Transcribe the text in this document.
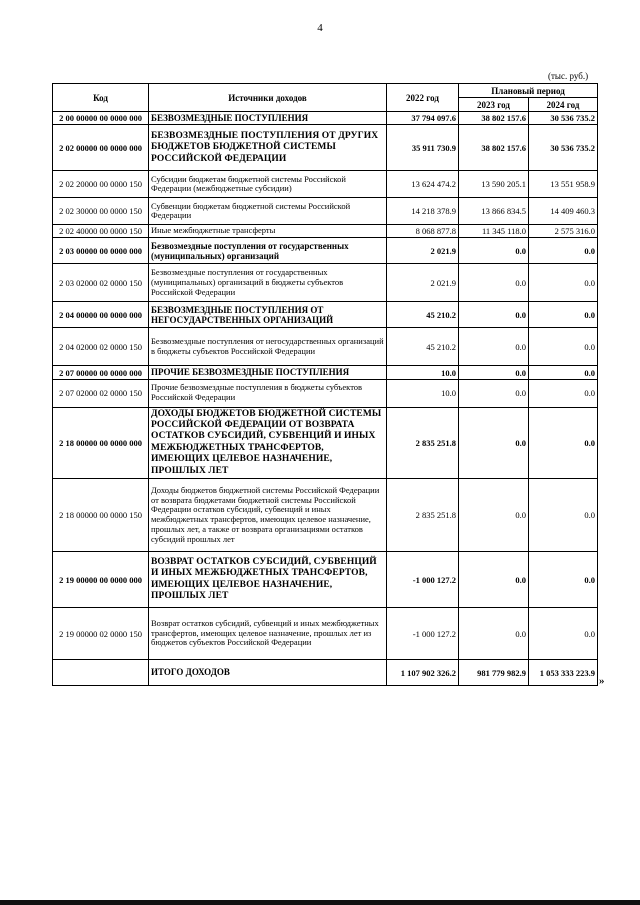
4
(тыс. руб.)
Код	Источники доходов	2022 год	Плановый период	
			2023 год	2024 год
2 00 00000 00 0000 000	БЕЗВОЗМЕЗДНЫЕ ПОСТУПЛЕНИЯ	37 794 097.6	38 802 157.6	30 536 735.2
2 02 00000 00 0000 000	БЕЗВОЗМЕЗДНЫЕ ПОСТУПЛЕНИЯ ОТ ДРУГИХ БЮДЖЕТОВ БЮДЖЕТНОЙ СИСТЕМЫ РОССИЙСКОЙ ФЕДЕРАЦИИ	35 911 730.9	38 802 157.6	30 536 735.2
2 02 20000 00 0000 150	Субсидии бюджетам бюджетной системы Российской Федерации (межбюджетные субсидии)	13 624 474.2	13 590 205.1	13 551 958.9
2 02 30000 00 0000 150	Субвенции бюджетам бюджетной системы Российской Федерации	14 218 378.9	13 866 834.5	14 409 460.3
2 02 40000 00 0000 150	Иные межбюджетные трансферты	8 068 877.8	11 345 118.0	2 575 316.0
2 03 00000 00 0000 000	Безвозмездные поступления от государственных (муниципальных) организаций	2 021.9	0.0	0.0
2 03 02000 02 0000 150	Безвозмездные поступления от государственных (муниципальных) организаций в бюджеты субъектов Российской Федерации	2 021.9	0.0	0.0
2 04 00000 00 0000 000	БЕЗВОЗМЕЗДНЫЕ ПОСТУПЛЕНИЯ ОТ НЕГОСУДАРСТВЕННЫХ ОРГАНИЗАЦИЙ	45 210.2	0.0	0.0
2 04 02000 02 0000 150	Безвозмездные поступления от негосударственных организаций в бюджеты субъектов Российской Федерации	45 210.2	0.0	0.0
2 07 00000 00 0000 000	ПРОЧИЕ БЕЗВОЗМЕЗДНЫЕ ПОСТУПЛЕНИЯ	10.0	0.0	0.0
2 07 02000 02 0000 150	Прочие безвозмездные поступления в бюджеты субъектов Российской Федерации	10.0	0.0	0.0
2 18 00000 00 0000 000	ДОХОДЫ БЮДЖЕТОВ БЮДЖЕТНОЙ СИСТЕМЫ РОССИЙСКОЙ ФЕДЕРАЦИИ ОТ ВОЗВРАТА ОСТАТКОВ СУБСИДИЙ, СУБВЕНЦИЙ И ИНЫХ МЕЖБЮДЖЕТНЫХ ТРАНСФЕРТОВ, ИМЕЮЩИХ ЦЕЛЕВОЕ НАЗНАЧЕНИЕ, ПРОШЛЫХ ЛЕТ	2 835 251.8	0.0	0.0
2 18 00000 00 0000 150	Доходы бюджетов бюджетной системы Российской Федерации от возврата бюджетами бюджетной системы Российской Федерации остатков субсидий, субвенций и иных межбюджетных трансфертов, имеющих целевое назначение, прошлых лет, а также от возврата организациями остатков субсидий прошлых лет	2 835 251.8	0.0	0.0
2 19 00000 00 0000 000	ВОЗВРАТ ОСТАТКОВ СУБСИДИЙ, СУБВЕНЦИЙ И ИНЫХ МЕЖБЮДЖЕТНЫХ ТРАНСФЕРТОВ, ИМЕЮЩИХ ЦЕЛЕВОЕ НАЗНАЧЕНИЕ, ПРОШЛЫХ ЛЕТ	-1 000 127.2	0.0	0.0
2 19 00000 02 0000 150	Возврат остатков субсидий, субвенций и иных межбюджетных трансфертов, имеющих целевое назначение, прошлых лет из бюджетов субъектов Российской Федерации	-1 000 127.2	0.0	0.0
	ИТОГО ДОХОДОВ	1 107 902 326.2	981 779 982.9	1 053 333 223.9
»
